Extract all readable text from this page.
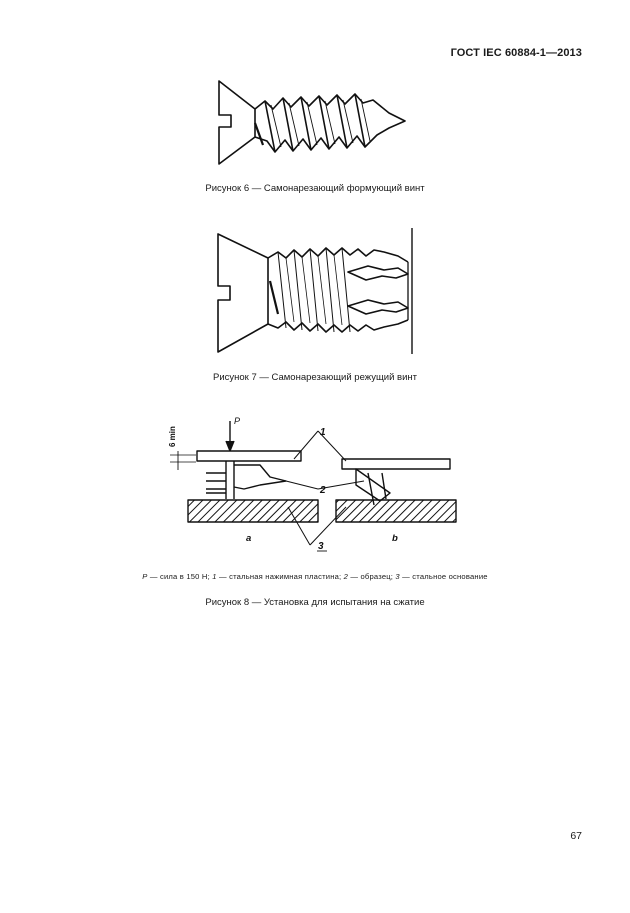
ГОСТ IEC 60884-1—2013
Рисунок 6 — Самонарезающий формующий винт
Рисунок 7 — Самонарезающий режущий винт
P
6 min	1
2
3
a	b
P — сила в 150 Н; 1 — стальная нажимная пластина; 2 — образец; 3 — стальное основание
Рисунок 8 — Установка для испытания на сжатие
67
